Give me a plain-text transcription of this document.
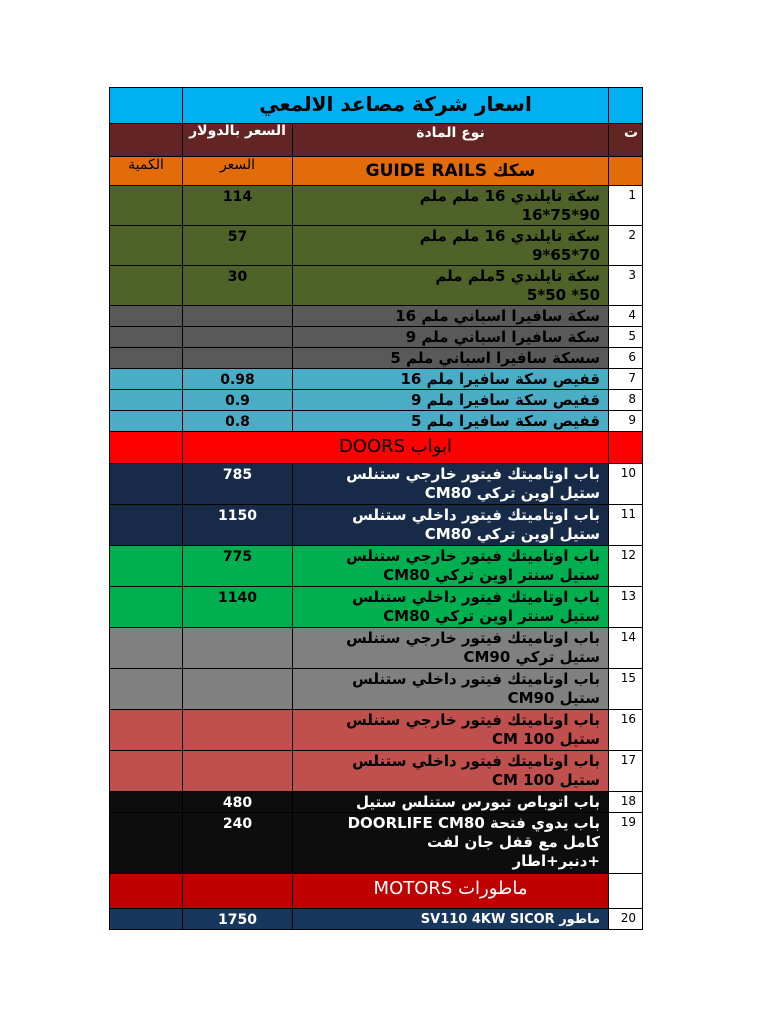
	اسعار شركة مصاعد الالمعي		
	السعر بالدولار	نوع المادة	ت
الكمية	السعر	سكك GUIDE RAILS	
	114	سكة تايلندي 16 ملم ملم
90*75*16	1
	57	سكة تايلندي 16 ملم ملم
70*65*9	2
	30	سكة تايلندي 5ملم ملم
50* 50*5	3
		سكة سافيرا اسباني ملم 16	4
		سكة سافيرا اسباني ملم 9	5
		سسكة سافيرا اسباني ملم 5	6
	0.98	قفيص سكة سافيرا ملم 16	7
	0.9	قفيص سكة سافيرا ملم 9	8
	0.8	قفيص سكة سافيرا ملم 5	9
	ابواب DOORS		
	785	باب اوتاميتك فيتور خارجي ستنلس
ستيل اوين تركي CM80	10
	1150	باب اوتاميتك فيتور داخلي ستنلس
ستيل اوين تركي CM80	11
	775	باب اوتاميتك فيتور خارجي ستنلس
ستيل سنتر اوين تركي CM80	12
	1140	باب اوتاميتك فيتور داخلي ستنلس
ستيل سنتر اوين تركي CM80	13
		باب اوتاميتك فيتور خارجي ستنلس
ستيل تركي CM90	14
		باب اوتاميتك فيتور داخلي ستنلس
ستيل CM90	15
		باب اوتاميتك فيتور خارجي ستنلس
ستيل CM 100	16
		باب اوتاميتك فيتور داخلي ستنلس
ستيل CM 100	17
	480	باب اتوباص تبورس ستنلس ستيل	18
	240	باب يدوي فتحة DOORLIFE CM80
كامل مع قفل جان لفت
+دنبر+اطار	19
		ماطورات MOTORS	
	1750	ماطور SV110 4KW SICOR	20
